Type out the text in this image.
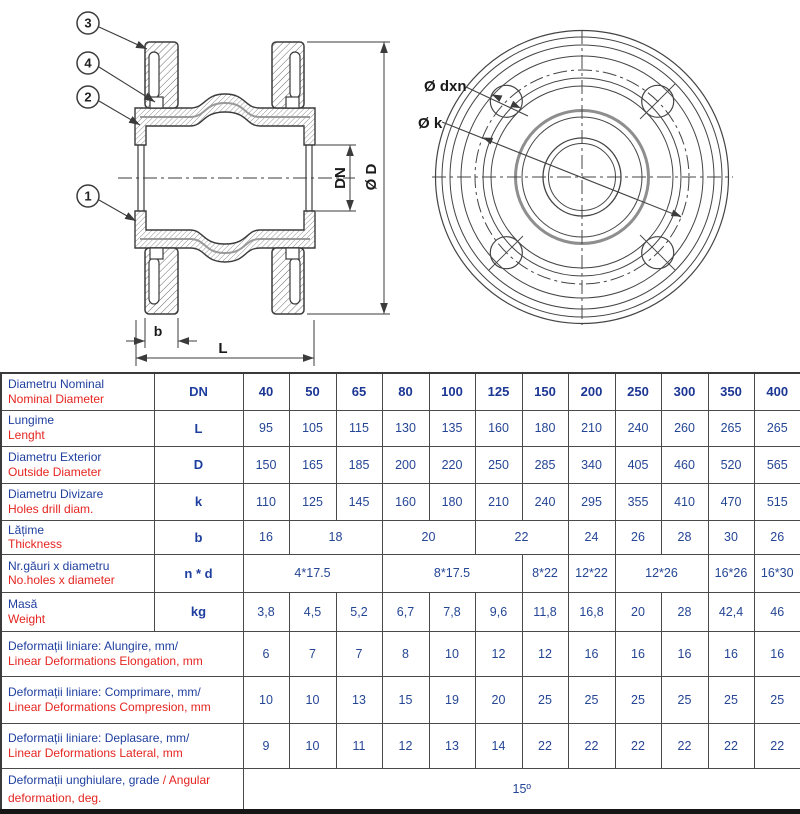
DN Ø D
b
L
3
4
2
1
Ø dxn
Ø k
Diametru Nominal
Nominal Diameter	DN	40	50	65	80	100	125	150	200	250	300	350	400

Lungime
Lenght	L	95	105	115	130	135	160	180	210	240	260	265	265

Diametru Exterior
Outside Diameter	D	150	165	185	200	220	250	285	340	405	460	520	565

Diametru Divizare
Holes drill diam.	k	110	125	145	160	180	210	240	295	355	410	470	515

Lățime
Thickness	b	16	18		20		22		24	26	28	30	26

Nr.găuri x diametru
No.holes x diameter	n * d	4*17.5			8*17.5			8*22	12*22	12*26		16*26	16*30

Masă
Weight	kg	3,8	4,5	5,2	6,7	7,8	9,6	11,8	16,8	20	28	42,4	46

Deformații liniare: Alungire, mm/
Linear Deformations Elongation, mm		6	7	7	8	10	12	12	16	16	16	16	16

Deformații liniare: Comprimare, mm/
Linear Deformations Compresion, mm		10	10	13	15	19	20	25	25	25	25	25	25

Deformații liniare: Deplasare, mm/
Linear Deformations Lateral, mm		9	10	11	12	13	14	22	22	22	22	22	22
Deformații unghiulare, grade / Angular deformation, deg.		15º											
